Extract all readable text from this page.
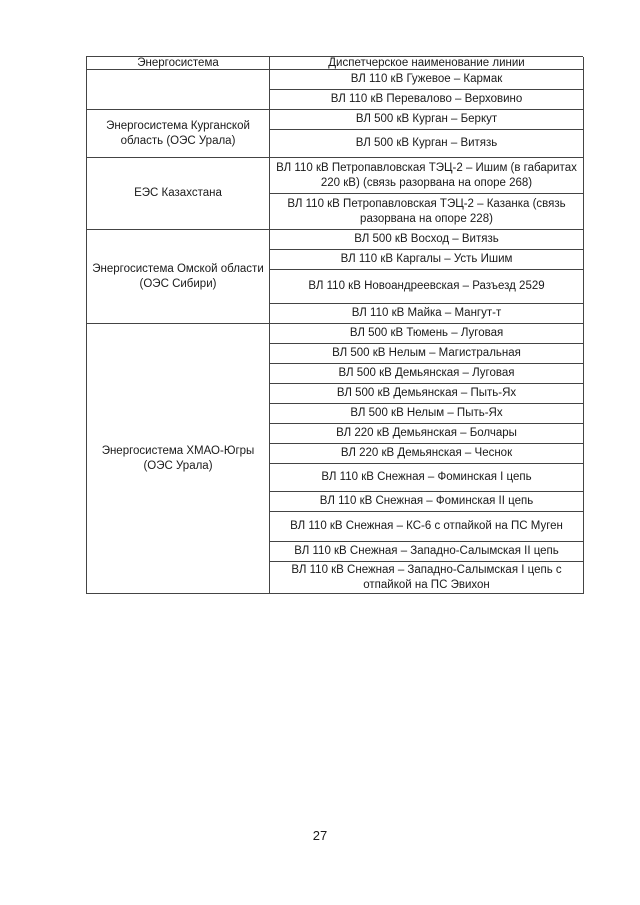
Энергосистема	Диспетчерское наименование линии
ВЛ 110 кВ Гужевое – Кармак
ВЛ 110 кВ Перевалово – Верховино
Энергосистема Курганской область (ОЭС Урала)
ВЛ 500 кВ Курган – Беркут
ВЛ 500 кВ Курган – Витязь
ЕЭС Казахстана
ВЛ 110 кВ Петропавловская ТЭЦ-2 – Ишим (в габаритах 220 кВ) (связь разорвана на опоре 268)
ВЛ 110 кВ Петропавловская ТЭЦ-2 – Казанка (связь разорвана на опоре 228)
Энергосистема Омской области (ОЭС Сибири)
ВЛ 500 кВ Восход – Витязь
ВЛ 110 кВ Каргалы – Усть Ишим
ВЛ 110 кВ Новоандреевская – Разъезд 2529
ВЛ 110 кВ Майка – Мангут-т
Энергосистема ХМАО-Югры (ОЭС Урала)
ВЛ 500 кВ Тюмень – Луговая
ВЛ 500 кВ Нелым – Магистральная
ВЛ 500 кВ Демьянская – Луговая
ВЛ 500 кВ Демьянская – Пыть-Ях
ВЛ 500 кВ Нелым – Пыть-Ях
ВЛ 220 кВ Демьянская – Болчары
ВЛ 220 кВ Демьянская – Чеснок
ВЛ 110 кВ Снежная – Фоминская I цепь
ВЛ 110 кВ Снежная – Фоминская II цепь
ВЛ 110 кВ Снежная – КС-6 с отпайкой на ПС Муген
ВЛ 110 кВ Снежная – Западно-Салымская II цепь
ВЛ 110 кВ Снежная – Западно-Салымская I цепь с отпайкой на ПС Эвихон
27
